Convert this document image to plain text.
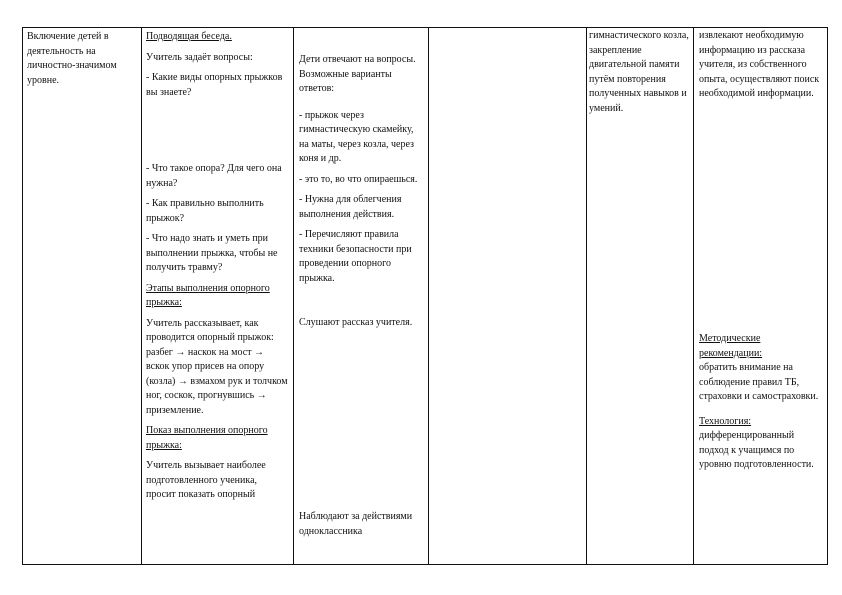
Включение детей в деятельность на личностно-значимом уровне.
Подводящая беседа.
Учитель задаёт вопросы:
- Какие виды опорных прыжков вы знаете?
- Что такое опора? Для чего она нужна?
- Как правильно выполнить прыжок?
- Что надо знать и уметь при выполнении прыжка, чтобы не получить травму?
Этапы выполнения опорного прыжка:
Учитель рассказывает, как проводится опорный прыжок: разбег → наскок на мост → вскок упор присев на опору (козла) → взмахом рук и толчком ног, соскок, прогнувшись → приземление.
Показ выполнения опорного прыжка:
Учитель вызывает наиболее подготовленного ученика, просит показать опорный
Дети отвечают на вопросы. Возможные варианты ответов:
- прыжок через гимнастическую скамейку, на маты, через козла, через коня и др.
- это то, во что опираешься.
- Нужна для облегчения выполнения действия.
- Перечисляют правила техники безопасности при проведении опорного прыжка.
Слушают рассказ учителя.
Наблюдают за действиями одноклассника
гимнастического козла, закрепление двигательной памяти путём повторения полученных навыков и умений.
извлекают необходимую информацию из рассказа учителя, из собственного опыта, осуществляют поиск необходимой информации.
Методические рекомендации:
обратить внимание на соблюдение правил ТБ, страховки и самостраховки.
Технология:
дифференцированный подход к учащимся по уровню подготовленности.
